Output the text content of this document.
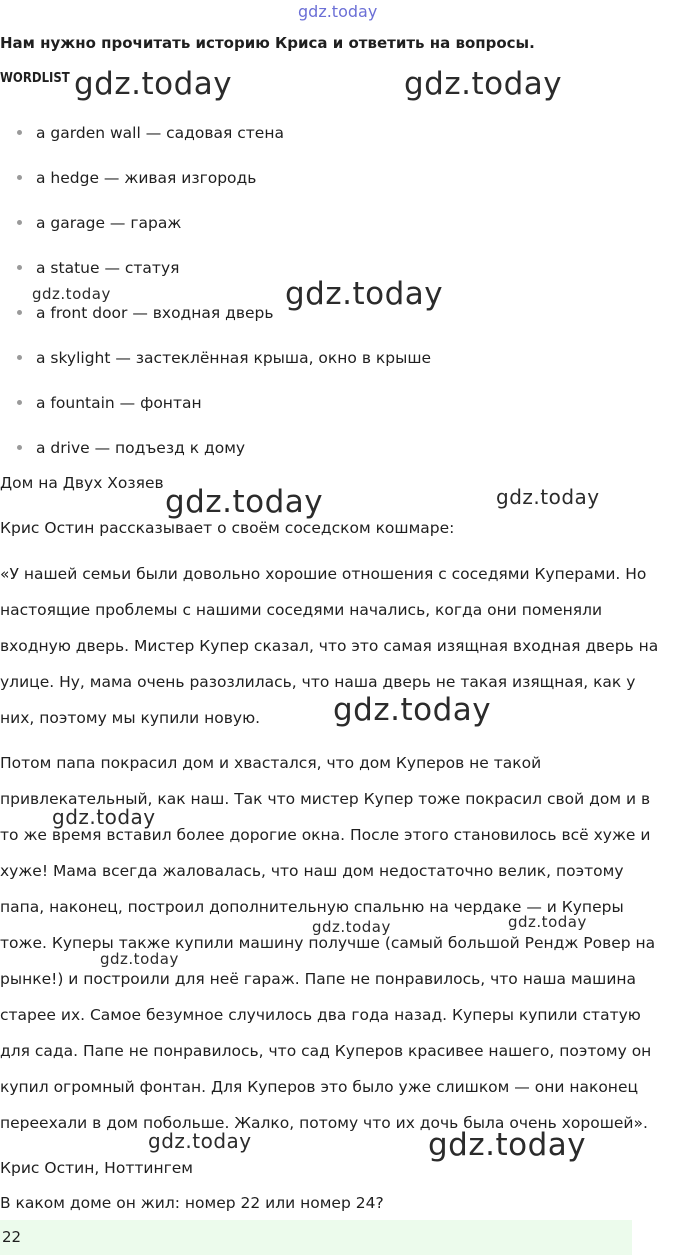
gdz.today
gdz.today	gdz.today
gdz.today	gdz.today
gdz.today	gdz.today
gdz.today
gdz.today
gdz.today	gdz.today
gdz.today
gdz.today	gdz.today
Нам нужно прочитать историю Криса и ответить на вопросы.
WORDLIST
a garden wall — садовая стена
a hedge — живая изгородь
a garage — гараж
a statue — статуя
a front door — входная дверь
a skylight — застеклённая крыша, окно в крыше
a fountain — фонтан
a drive — подъезд к дому
Дом на Двух Хозяев
Крис Остин рассказывает о своём соседском кошмаре:
«У нашей семьи были довольно хорошие отношения с соседями Куперами. Но
настоящие проблемы с нашими соседями начались, когда они поменяли
входную дверь. Мистер Купер сказал, что это самая изящная входная дверь на
улице. Ну, мама очень разозлилась, что наша дверь не такая изящная, как у
них, поэтому мы купили новую.
Потом папа покрасил дом и хвастался, что дом Куперов не такой
привлекательный, как наш. Так что мистер Купер тоже покрасил свой дом и в
то же время вставил более дорогие окна. После этого становилось всё хуже и
хуже! Мама всегда жаловалась, что наш дом недостаточно велик, поэтому
папа, наконец, построил дополнительную спальню на чердаке — и Куперы
тоже. Куперы также купили машину получше (самый большой Рендж Ровер на
рынке!) и построили для неё гараж. Папе не понравилось, что наша машина
старее их. Самое безумное случилось два года назад. Куперы купили статую
для сада. Папе не понравилось, что сад Куперов красивее нашего, поэтому он
купил огромный фонтан. Для Куперов это было уже слишком — они наконец
переехали в дом побольше. Жалко, потому что их дочь была очень хорошей».
Крис Остин, Ноттингем
В каком доме он жил: номер 22 или номер 24?
22
